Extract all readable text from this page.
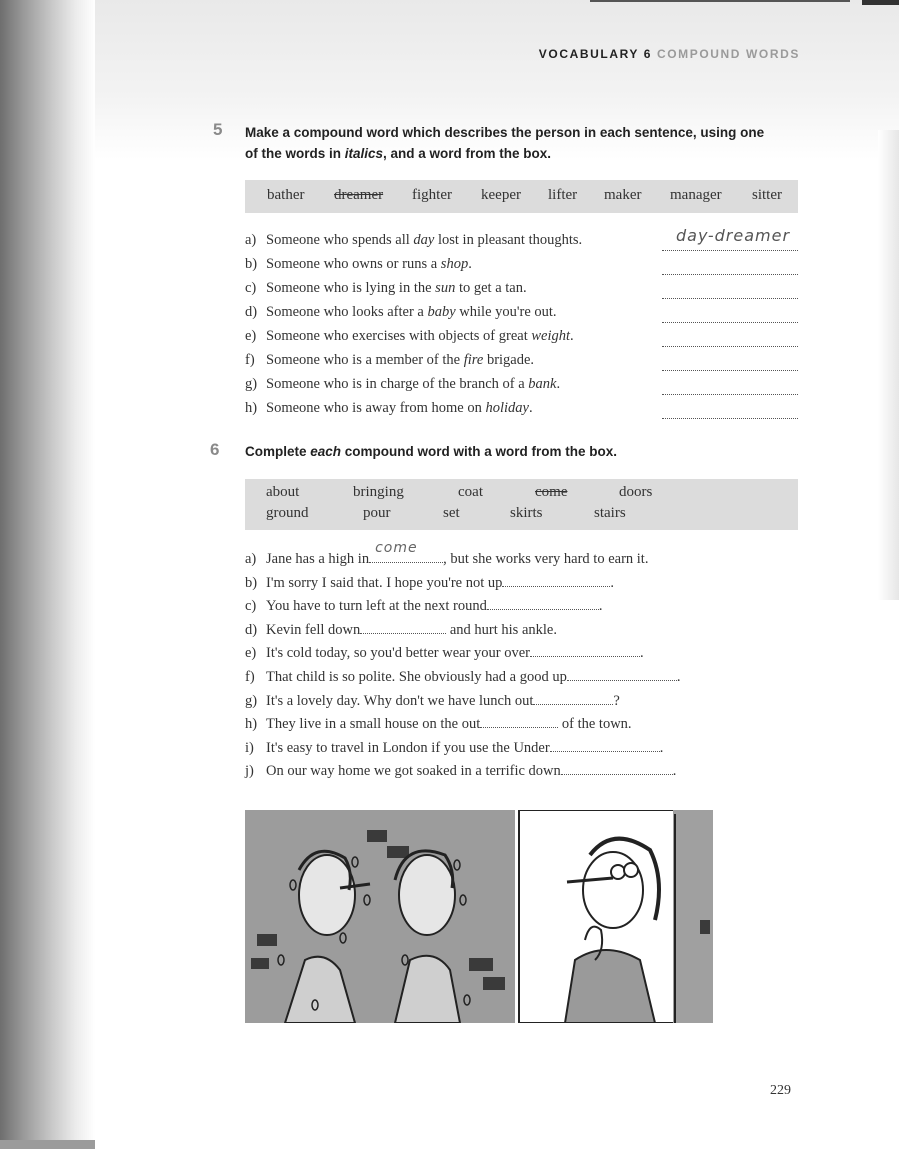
VOCABULARY 6 COMPOUND WORDS
5 Make a compound word which describes the person in each sentence, using one
of the words in italics, and a word from the box.
bather dreamer fighter keeper lifter maker manager sitter
a) Someone who spends all day lost in pleasant thoughts.
b) Someone who owns or runs a shop.
c) Someone who is lying in the sun to get a tan.
d) Someone who looks after a baby while you're out.
e) Someone who exercises with objects of great weight.
f) Someone who is a member of the fire brigade.
g) Someone who is in charge of the branch of a bank.
h) Someone who is away from home on holiday.
day-dreamer
6 Complete each compound word with a word from the box.
about	bringing	coat	come	doors
ground	pour	set	skirts	stairs
a) Jane has a high in
come
, but she works very hard to earn it.
b) I'm sorry I said that. I hope you're not up	.
c) You have to turn left at the next round	.
d) Kevin fell down	and hurt his ankle.
e) It's cold today, so you'd better wear your over	.
f) That child is so polite. She obviously had a good up	.
g) It's a lovely day. Why don't we have lunch out	?
h) They live in a small house on the out	of the town.
i) It's easy to travel in London if you use the Under	.
j) On our way home we got soaked in a terrific down	.
229
